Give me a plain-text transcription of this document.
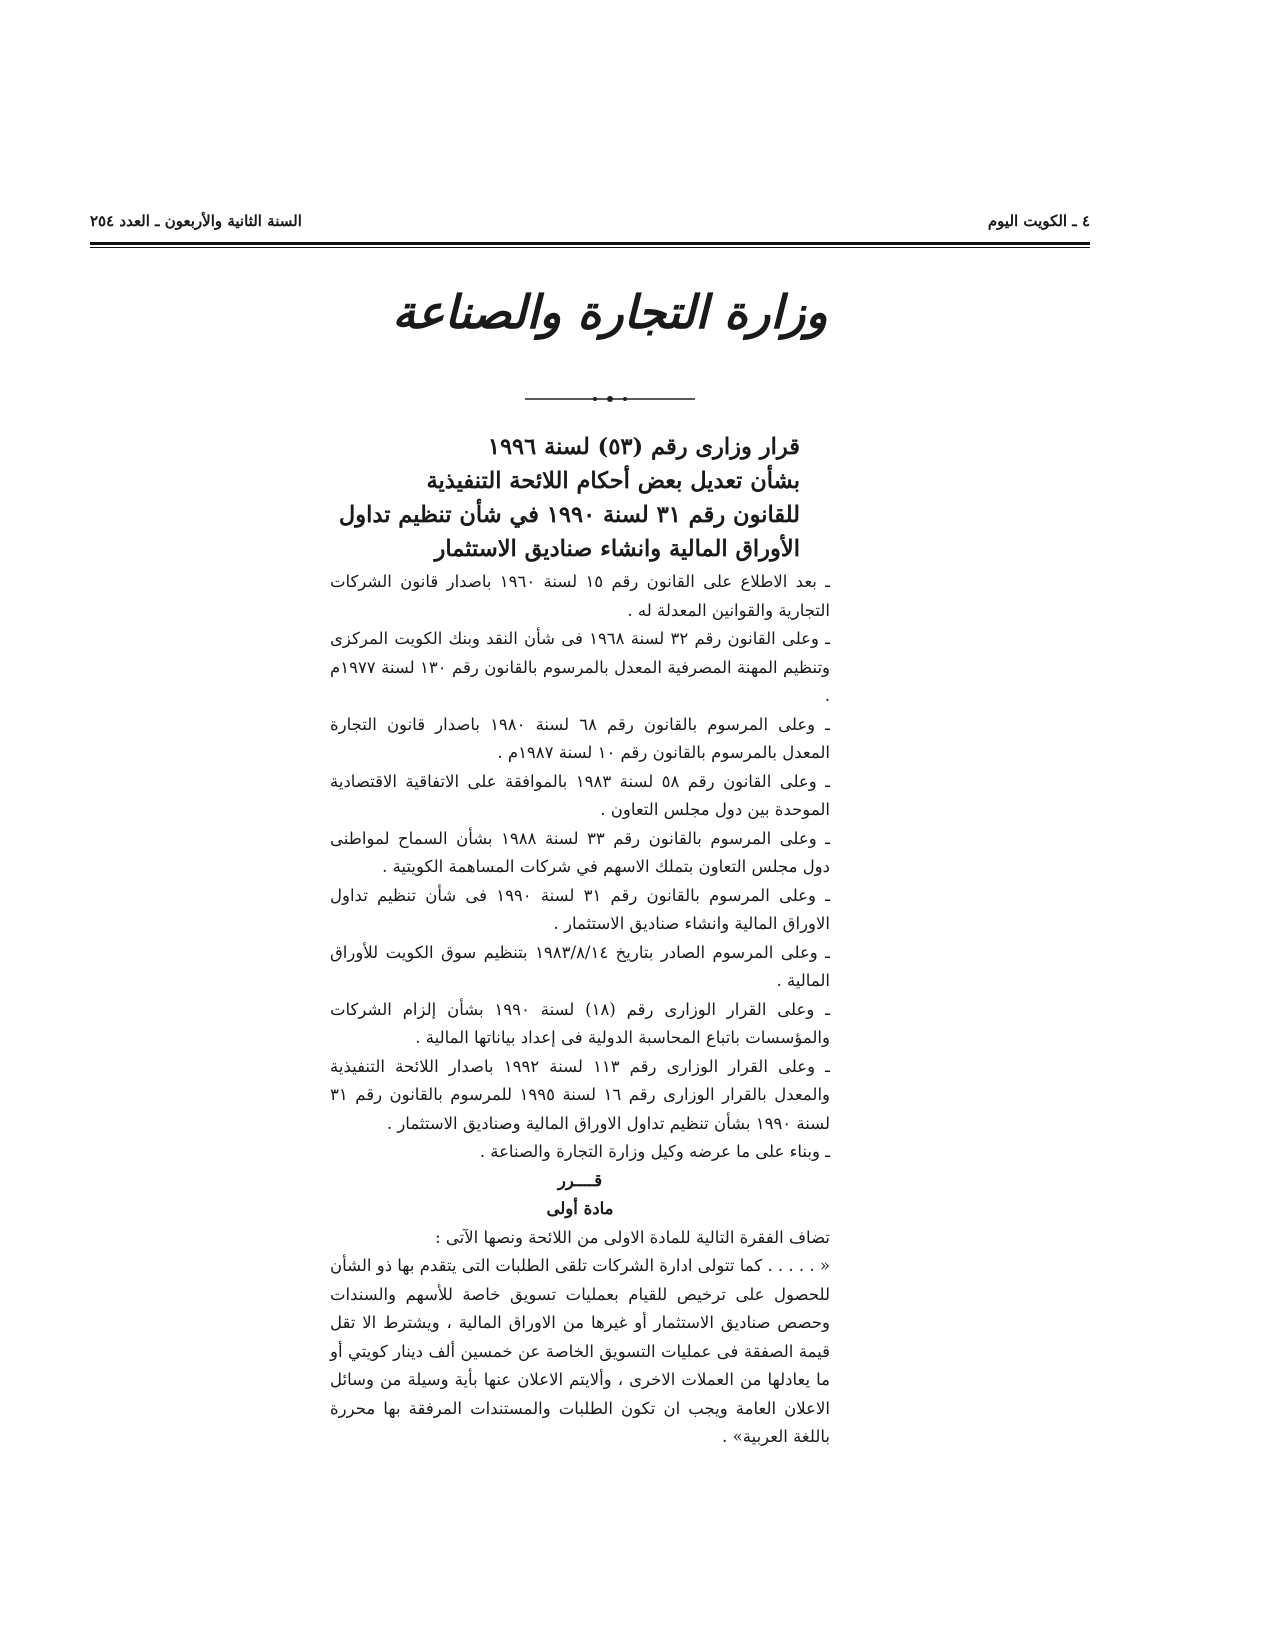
٤ ـ الكويت اليوم
السنة الثانية والأربعون ـ العدد ٢٥٤
وزارة التجارة والصناعة
قرار وزارى رقم (٥٣) لسنة ١٩٩٦
بشأن تعديل بعض أحكام اللائحة التنفيذية
للقانون رقم ٣١ لسنة ١٩٩٠ في شأن تنظيم تداول
الأوراق المالية وانشاء صناديق الاستثمار

ـ بعد الاطلاع على القانون رقم ١٥ لسنة ١٩٦٠ باصدار قانون الشركات التجارية والقوانين المعدلة له .

ـ وعلى القانون رقم ٣٢ لسنة ١٩٦٨ فى شأن النقد وبنك الكويت المركزى وتنظيم المهنة المصرفية المعدل بالمرسوم بالقانون رقم ١٣٠ لسنة ١٩٧٧م .

ـ وعلى المرسوم بالقانون رقم ٦٨ لسنة ١٩٨٠ باصدار قانون التجارة المعدل بالمرسوم بالقانون رقم ١٠ لسنة ١٩٨٧م .

ـ وعلى القانون رقم ٥٨ لسنة ١٩٨٣ بالموافقة على الاتفاقية الاقتصادية الموحدة بين دول مجلس التعاون .

ـ وعلى المرسوم بالقانون رقم ٣٣ لسنة ١٩٨٨ بشأن السماح لمواطنى دول مجلس التعاون بتملك الاسهم في شركات المساهمة الكويتية .

ـ وعلى المرسوم بالقانون رقم ٣١ لسنة ١٩٩٠ فى شأن تنظيم تداول الاوراق المالية وانشاء صناديق الاستثمار .

ـ وعلى المرسوم الصادر بتاريخ ١٩٨٣/٨/١٤ بتنظيم سوق الكويت للأوراق المالية .

ـ وعلى القرار الوزارى رقم (١٨) لسنة ١٩٩٠ بشأن إلزام الشركات والمؤسسات باتباع المحاسبة الدولية فى إعداد بياناتها المالية .

ـ وعلى القرار الوزارى رقم ١١٣ لسنة ١٩٩٢ باصدار اللائحة التنفيذية والمعدل بالقرار الوزارى رقم ١٦ لسنة ١٩٩٥ للمرسوم بالقانون رقم ٣١ لسنة ١٩٩٠ بشأن تنظيم تداول الاوراق المالية وصناديق الاستثمار .

ـ وبناء على ما عرضه وكيل وزارة التجارة والصناعة .

قــــرر

مادة أولى

تضاف الفقرة التالية للمادة الاولى من اللائحة ونصها الآتى :

« . . . . . كما تتولى ادارة الشركات تلقى الطلبات التى يتقدم بها ذو الشأن للحصول على ترخيص للقيام بعمليات تسويق خاصة للأسهم والسندات وحصص صناديق الاستثمار أو غيرها من الاوراق المالية ، ويشترط الا تقل قيمة الصفقة فى عمليات التسويق الخاصة عن خمسين ألف دينار كويتي أو ما يعادلها من العملات الاخرى ، وألايتم الاعلان عنها بأية وسيلة من وسائل الاعلان العامة ويجب ان تكون الطلبات والمستندات المرفقة بها محررة باللغة العربية» .
